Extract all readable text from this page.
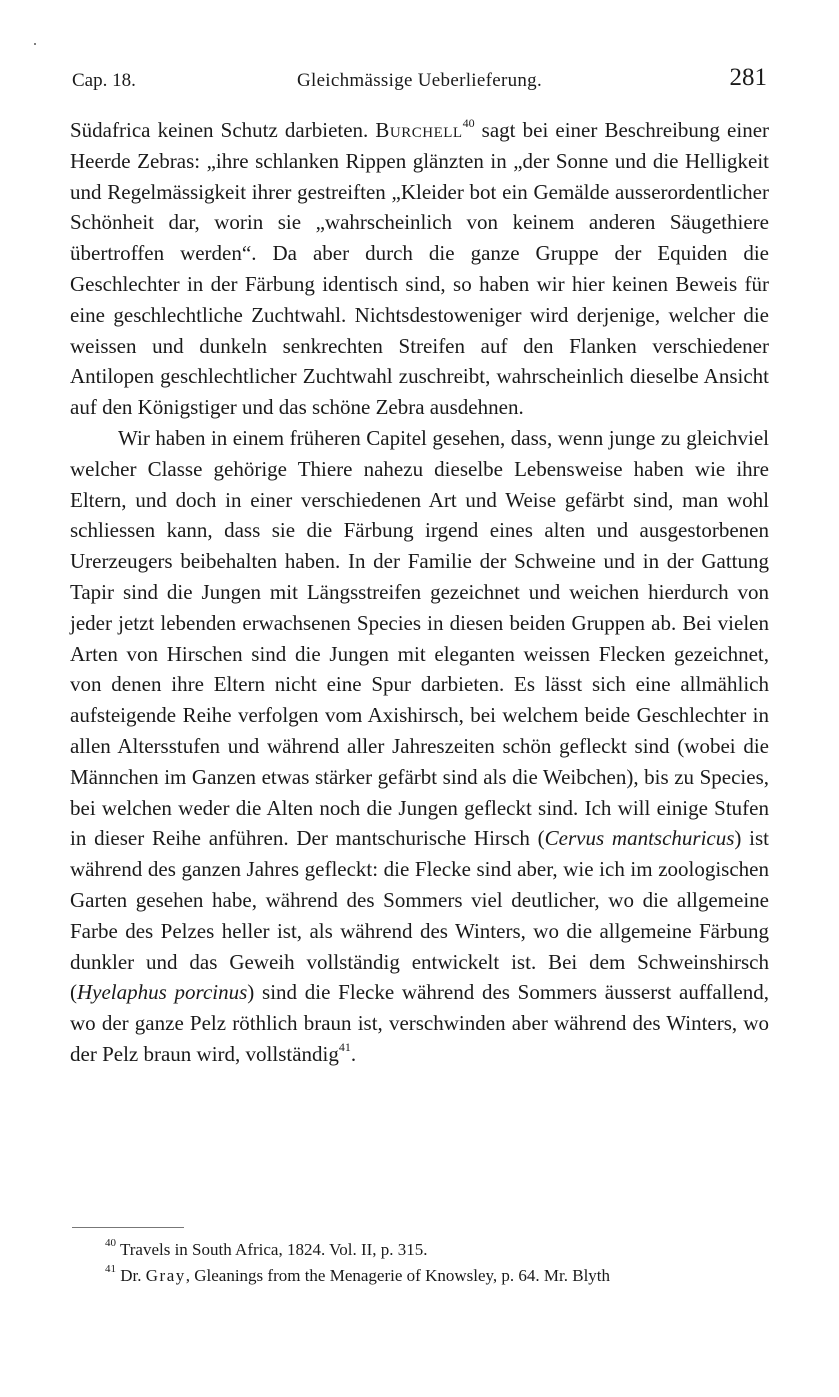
Cap. 18.	Gleichmässige Ueberlieferung.	281

Südafrica keinen Schutz darbieten. Burchell$^{40}$ sagt bei einer Beschreibung einer Heerde Zebras: „ihre schlanken Rippen glänzten in „der Sonne und die Helligkeit und Regelmässigkeit ihrer gestreiften „Kleider bot ein Gemälde ausserordentlicher Schönheit dar, worin sie „wahrscheinlich von keinem anderen Säugethiere übertroffen werden“. Da aber durch die ganze Gruppe der Equiden die Geschlechter in der Färbung identisch sind, so haben wir hier keinen Beweis für eine geschlechtliche Zuchtwahl. Nichtsdestoweniger wird derjenige, welcher die weissen und dunkeln senkrechten Streifen auf den Flanken verschiedener Antilopen geschlechtlicher Zuchtwahl zuschreibt, wahrscheinlich dieselbe Ansicht auf den Königstiger und das schöne Zebra ausdehnen.

Wir haben in einem früheren Capitel gesehen, dass, wenn junge zu gleichviel welcher Classe gehörige Thiere nahezu dieselbe Lebensweise haben wie ihre Eltern, und doch in einer verschiedenen Art und Weise gefärbt sind, man wohl schliessen kann, dass sie die Färbung irgend eines alten und ausgestorbenen Urerzeugers beibehalten haben. In der Familie der Schweine und in der Gattung Tapir sind die Jungen mit Längsstreifen gezeichnet und weichen hierdurch von jeder jetzt lebenden erwachsenen Species in diesen beiden Gruppen ab. Bei vielen Arten von Hirschen sind die Jungen mit eleganten weissen Flecken gezeichnet, von denen ihre Eltern nicht eine Spur darbieten. Es lässt sich eine allmählich aufsteigende Reihe verfolgen vom Axishirsch, bei welchem beide Geschlechter in allen Altersstufen und während aller Jahreszeiten schön gefleckt sind (wobei die Männchen im Ganzen etwas stärker gefärbt sind als die Weibchen), bis zu Species, bei welchen weder die Alten noch die Jungen gefleckt sind. Ich will einige Stufen in dieser Reihe anführen. Der mantschurische Hirsch (Cervus mantschuricus) ist während des ganzen Jahres gefleckt: die Flecke sind aber, wie ich im zoologischen Garten gesehen habe, während des Sommers viel deutlicher, wo die allgemeine Farbe des Pelzes heller ist, als während des Winters, wo die allgemeine Färbung dunkler und das Geweih vollständig entwickelt ist. Bei dem Schweinshirsch (Hyelaphus porcinus) sind die Flecke während des Sommers äusserst auffallend, wo der ganze Pelz röthlich braun ist, verschwinden aber während des Winters, wo der Pelz braun wird, vollständig$^{41}$.

$^{40}$ Travels in South Africa, 1824. Vol. II, p. 315.
$^{41}$ Dr. Gray, Gleanings from the Menagerie of Knowsley, p. 64. Mr. Blyth
